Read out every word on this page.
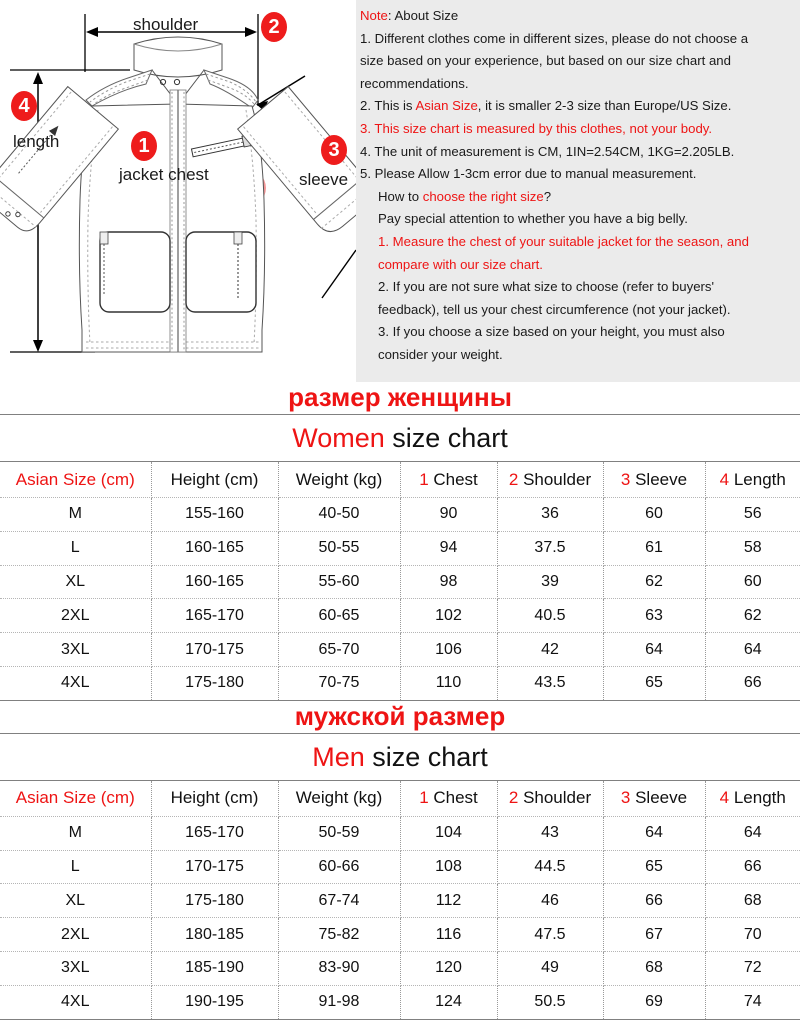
1
2
3
4
shoulder
jacket chest	sleeve
length
Note: About Size
1. Different clothes come in different sizes, please do not choose a
size based on your experience, but based on our size chart and
recommendations.
2. This is Asian Size, it is smaller 2-3 size than Europe/US Size.
3. This size chart is measured by this clothes, not your body.
4. The unit of measurement is CM, 1IN=2.54CM, 1KG=2.205LB.
5. Please Allow 1-3cm error due to manual measurement.
How to choose the right size?
Pay special attention to whether you have a big belly.
1. Measure the chest of your suitable jacket for the season, and
compare with our size chart.
2. If you are not sure what size to choose (refer to buyers'
feedback), tell us your chest circumference (not your jacket).
3. If you choose a size based on your height, you must also
consider your weight.
размер женщины
Women size chart
Asian Size (cm)	Height (cm)	Weight (kg)	1 Chest	2 Shoulder	3 Sleeve	4 Length
M	155-160	40-50	90	36	60	56
L	160-165	50-55	94	37.5	61	58
XL	160-165	55-60	98	39	62	60
2XL	165-170	60-65	102	40.5	63	62
3XL	170-175	65-70	106	42	64	64
4XL	175-180	70-75	110	43.5	65	66
мужской размер
Men size chart
Asian Size (cm)	Height (cm)	Weight (kg)	1 Chest	2 Shoulder	3 Sleeve	4 Length
M	165-170	50-59	104	43	64	64
L	170-175	60-66	108	44.5	65	66
XL	175-180	67-74	112	46	66	68
2XL	180-185	75-82	116	47.5	67	70
3XL	185-190	83-90	120	49	68	72
4XL	190-195	91-98	124	50.5	69	74
